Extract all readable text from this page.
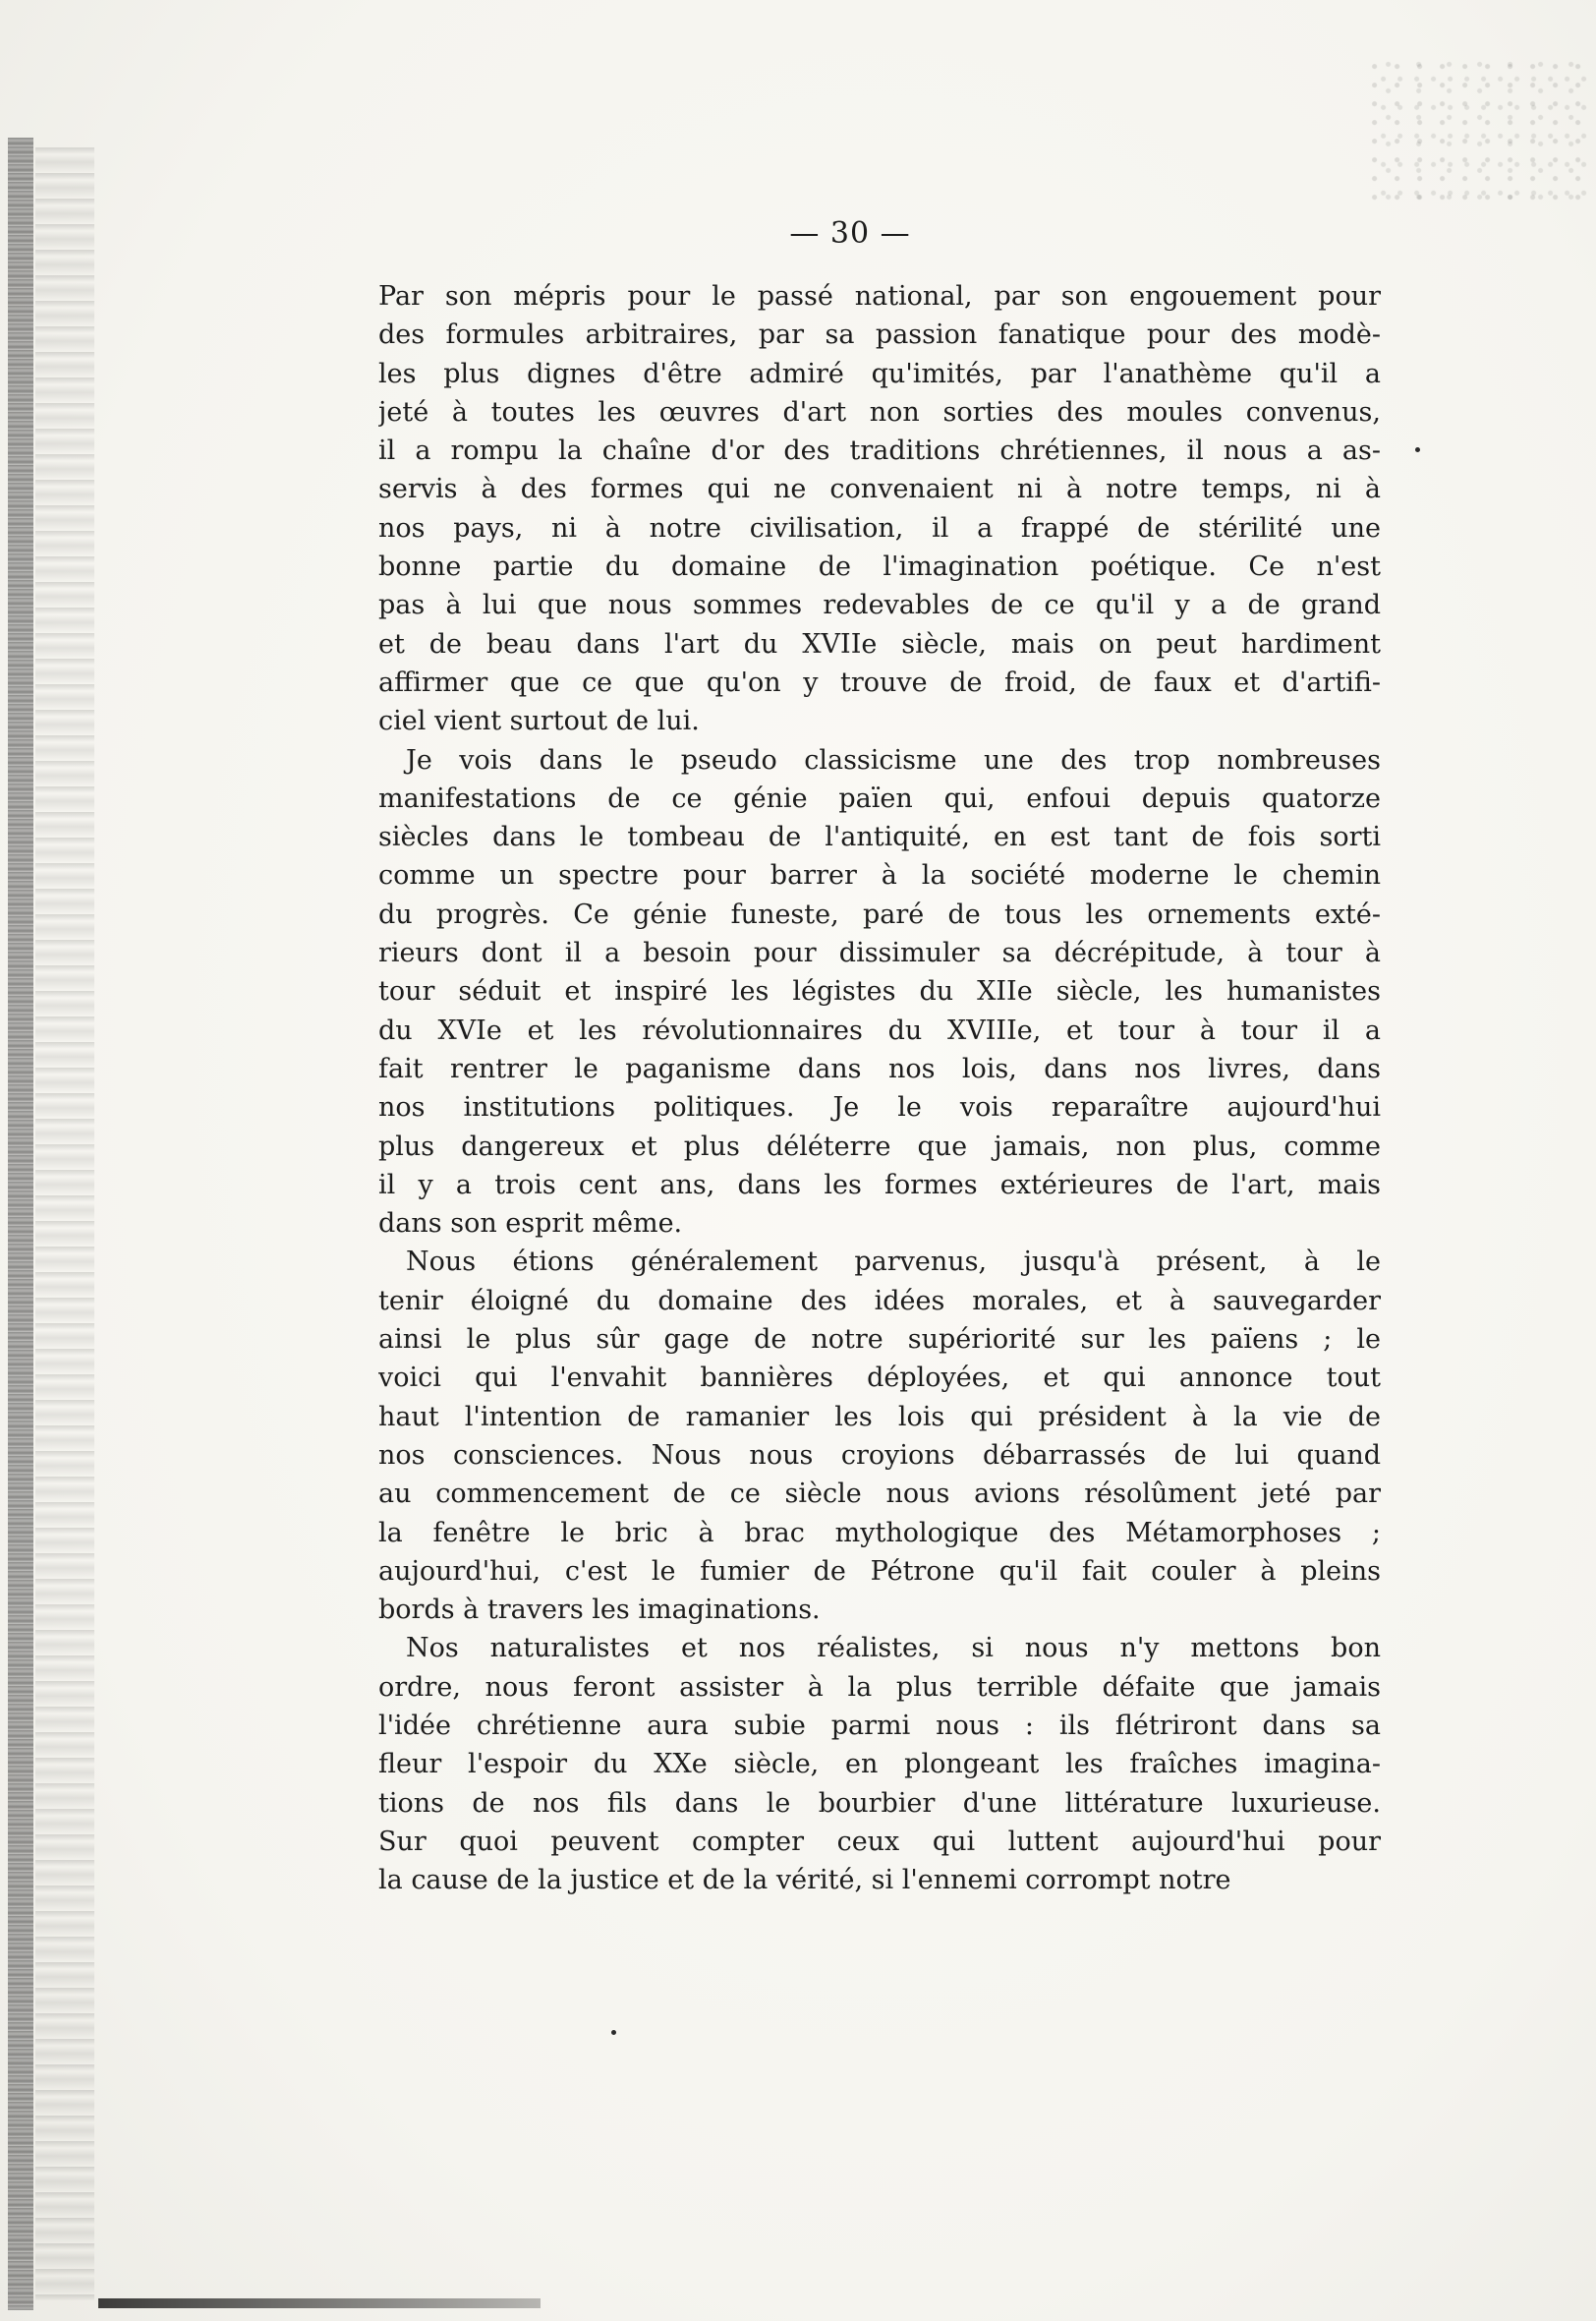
— 30 —
Par son mépris pour le passé national, par son engouement pour
des formules arbitraires, par sa passion fanatique pour des modè-
les plus dignes d'être admiré qu'imités, par l'anathème qu'il a
jeté à toutes les œuvres d'art non sorties des moules convenus,
il a rompu la chaîne d'or des traditions chrétiennes, il nous a as-
servis à des formes qui ne convenaient ni à notre temps, ni à
nos pays, ni à notre civilisation, il a frappé de stérilité une
bonne partie du domaine de l'imagination poétique. Ce n'est
pas à lui que nous sommes redevables de ce qu'il y a de grand
et de beau dans l'art du XVIIe siècle, mais on peut hardiment
affirmer que ce que qu'on y trouve de froid, de faux et d'artifi-
ciel vient surtout de lui.
Je vois dans le pseudo classicisme une des trop nombreuses
manifestations de ce génie païen qui, enfoui depuis quatorze
siècles dans le tombeau de l'antiquité, en est tant de fois sorti
comme un spectre pour barrer à la société moderne le chemin
du progrès. Ce génie funeste, paré de tous les ornements exté-
rieurs dont il a besoin pour dissimuler sa décrépitude, à tour à
tour séduit et inspiré les légistes du XIIe siècle, les humanistes
du XVIe et les révolutionnaires du XVIIIe, et tour à tour il a
fait rentrer le paganisme dans nos lois, dans nos livres, dans
nos institutions politiques. Je le vois reparaître aujourd'hui
plus dangereux et plus déléterre que jamais, non plus, comme
il y a trois cent ans, dans les formes extérieures de l'art, mais
dans son esprit même.
Nous étions généralement parvenus, jusqu'à présent, à le
tenir éloigné du domaine des idées morales, et à sauvegarder
ainsi le plus sûr gage de notre supériorité sur les païens ; le
voici qui l'envahit bannières déployées, et qui annonce tout
haut l'intention de ramanier les lois qui président à la vie de
nos consciences. Nous nous croyions débarrassés de lui quand
au commencement de ce siècle nous avions résolûment jeté par
la fenêtre le bric à brac mythologique des Métamorphoses ;
aujourd'hui, c'est le fumier de Pétrone qu'il fait couler à pleins
bords à travers les imaginations.
Nos naturalistes et nos réalistes, si nous n'y mettons bon
ordre, nous feront assister à la plus terrible défaite que jamais
l'idée chrétienne aura subie parmi nous : ils flétriront dans sa
fleur l'espoir du XXe siècle, en plongeant les fraîches imagina-
tions de nos fils dans le bourbier d'une littérature luxurieuse.
Sur quoi peuvent compter ceux qui luttent aujourd'hui pour
la cause de la justice et de la vérité, si l'ennemi corrompt notre
